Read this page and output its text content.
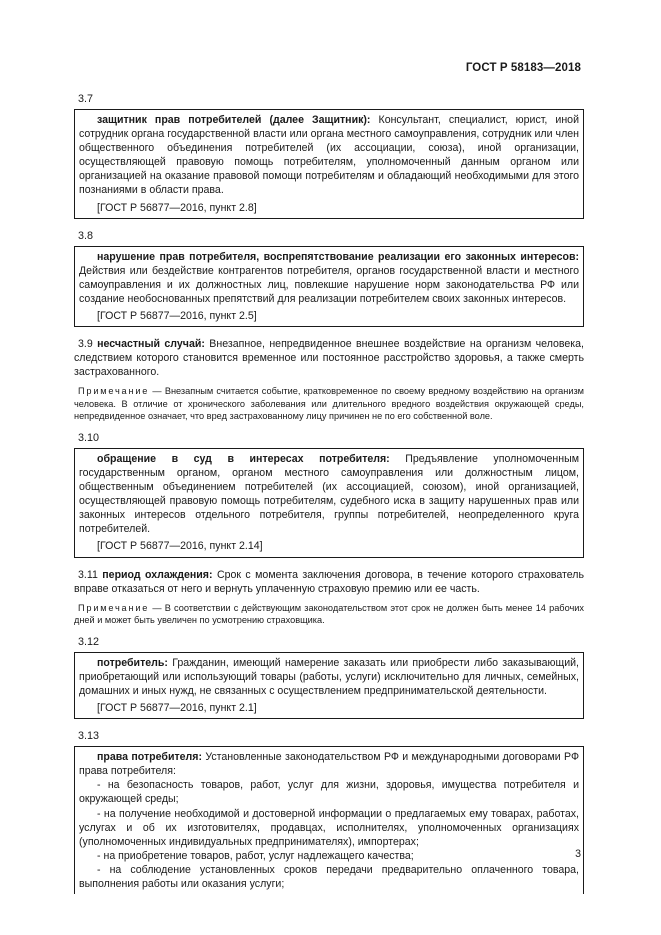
ГОСТ Р 58183—2018
3.7

защитник прав потребителей (далее Защитник): Консультант, специалист, юрист, иной сотрудник органа государственной власти или органа местного самоуправления, сотрудник или член общественного объединения потребителей (их ассоциации, союза), иной организации, осуществляющей правовую помощь потребителям, уполномоченный данным органом или организацией на оказание правовой помощи потребителям и обладающий необходимыми для этого познаниями в области права.

[ГОСТ Р 56877—2016, пункт 2.8]

3.8

нарушение прав потребителя, воспрепятствование реализации его законных интересов: Действия или бездействие контрагентов потребителя, органов государственной власти и местного самоуправления и их должностных лиц, повлекшие нарушение норм законодательства РФ или создание необоснованных препятствий для реализации потребителем своих законных интересов.

[ГОСТ Р 56877—2016, пункт 2.5]

3.9 несчастный случай: Внезапное, непредвиденное внешнее воздействие на организм человека, следствием которого становится временное или постоянное расстройство здоровья, а также смерть застрахованного.

Примечание — Внезапным считается событие, кратковременное по своему вредному воздействию на организм человека. В отличие от хронического заболевания или длительного вредного воздействия окружающей среды, непредвиденное означает, что вред застрахованному лицу причинен не по его собственной воле.

3.10

обращение в суд в интересах потребителя: Предъявление уполномоченным государственным органом, органом местного самоуправления или должностным лицом, общественным объединением потребителей (их ассоциацией, союзом), иной организацией, осуществляющей правовую помощь потребителям, судебного иска в защиту нарушенных прав или законных интересов отдельного потребителя, группы потребителей, неопределенного круга потребителей.

[ГОСТ Р 56877—2016, пункт 2.14]

3.11 период охлаждения: Срок с момента заключения договора, в течение которого страхователь вправе отказаться от него и вернуть уплаченную страховую премию или ее часть.

Примечание — В соответствии с действующим законодательством этот срок не должен быть менее 14 рабочих дней и может быть увеличен по усмотрению страховщика.

3.12

потребитель: Гражданин, имеющий намерение заказать или приобрести либо заказывающий, приобретающий или использующий товары (работы, услуги) исключительно для личных, семейных, домашних и иных нужд, не связанных с осуществлением предпринимательской деятельности.

[ГОСТ Р 56877—2016, пункт 2.1]

3.13

права потребителя: Установленные законодательством РФ и международными договорами РФ права потребителя:

- на безопасность товаров, работ, услуг для жизни, здоровья, имущества потребителя и окружающей среды;

- на получение необходимой и достоверной информации о предлагаемых ему товарах, работах, услугах и об их изготовителях, продавцах, исполнителях, уполномоченных организациях (уполномоченных индивидуальных предпринимателях), импортерах;

- на приобретение товаров, работ, услуг надлежащего качества;

- на соблюдение установленных сроков передачи предварительно оплаченного товара, выполнения работы или оказания услуги;

3
